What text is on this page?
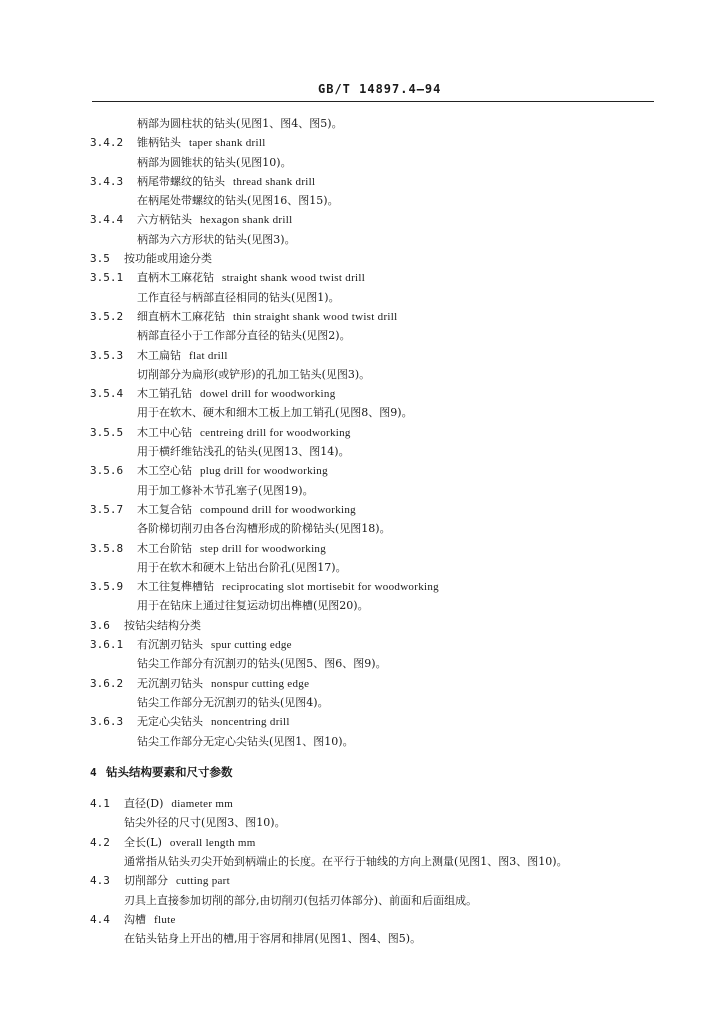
GB/T 14897.4—94
柄部为圆柱状的钻头(见图1、图4、图5)。
3.4.2 锥柄钻头 taper shank drill
柄部为圆锥状的钻头(见图10)。
3.4.3 柄尾带螺纹的钻头 thread shank drill
在柄尾处带螺纹的钻头(见图16、图15)。
3.4.4 六方柄钻头 hexagon shank drill
柄部为六方形状的钻头(见图3)。
3.5 按功能或用途分类
3.5.1 直柄木工麻花钻 straight shank wood twist drill
工作直径与柄部直径相同的钻头(见图1)。
3.5.2 细直柄木工麻花钻 thin straight shank wood twist drill
柄部直径小于工作部分直径的钻头(见图2)。
3.5.3 木工扁钻 flat drill
切削部分为扁形(或铲形)的孔加工钻头(见图3)。
3.5.4 木工销孔钻 dowel drill for woodworking
用于在软木、硬木和细木工板上加工销孔(见图8、图9)。
3.5.5 木工中心钻 centreing drill for woodworking
用于横纤维钻浅孔的钻头(见图13、图14)。
3.5.6 木工空心钻 plug drill for woodworking
用于加工修补木节孔塞子(见图19)。
3.5.7 木工复合钻 compound drill for woodworking
各阶梯切削刃由各台沟槽形成的阶梯钻头(见图18)。
3.5.8 木工台阶钻 step drill for woodworking
用于在软木和硬木上钻出台阶孔(见图17)。
3.5.9 木工往复榫槽钻 reciprocating slot mortisebit for woodworking
用于在钻床上通过往复运动切出榫槽(见图20)。
3.6 按钻尖结构分类
3.6.1 有沉割刃钻头 spur cutting edge
钻尖工作部分有沉割刃的钻头(见图5、图6、图9)。
3.6.2 无沉割刃钻头 nonspur cutting edge
钻尖工作部分无沉割刃的钻头(见图4)。
3.6.3 无定心尖钻头 noncentring drill
钻尖工作部分无定心尖钻头(见图1、图10)。
4 钻头结构要素和尺寸参数
4.1 直径(D) diameter mm
钻尖外径的尺寸(见图3、图10)。
4.2 全长(L) overall length mm
通常指从钻头刃尖开始到柄端止的长度。在平行于轴线的方向上测量(见图1、图3、图10)。
4.3 切削部分 cutting part
刃具上直接参加切削的部分,由切削刃(包括刃体部分)、前面和后面组成。
4.4 沟槽 flute
在钻头钻身上开出的槽,用于容屑和排屑(见图1、图4、图5)。
